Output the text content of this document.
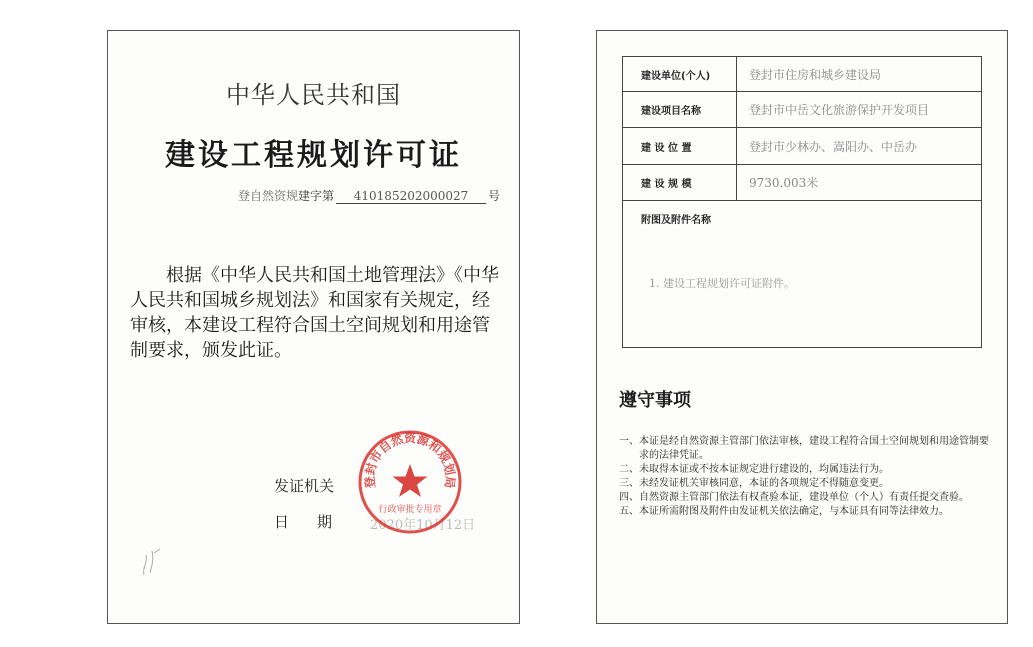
中华人民共和国
建设工程规划许可证
登自然资规建字第 410185202000027 号
根据《中华人民共和国土地管理法》《中华人民共和国城乡规划法》和国家有关规定，经审核，本建设工程符合国土空间规划和用途管制要求，颁发此证。
发证机关
日 期	2020年10月12日
登封市自然资源和规划局
行政审批专用章
建设单位(个人)	登封市住房和城乡建设局
建设项目名称	登封市中岳文化旅游保护开发项目
建 设 位 置	登封市少林办、嵩阳办、中岳办
建 设 规 模	9730.003米
附图及附件名称
1. 建设工程规划许可证附件。
遵守事项
一、 本证是经自然资源主管部门依法审核，建设工程符合国土空间规划和用途管制要求的法律凭证。
二、 未取得本证或不按本证规定进行建设的，均属违法行为。
三、 未经发证机关审核同意，本证的各项规定不得随意变更。
四、 自然资源主管部门依法有权查验本证，建设单位（个人）有责任提交查验。
五、 本证所需附图及附件由发证机关依法确定，与本证具有同等法律效力。
